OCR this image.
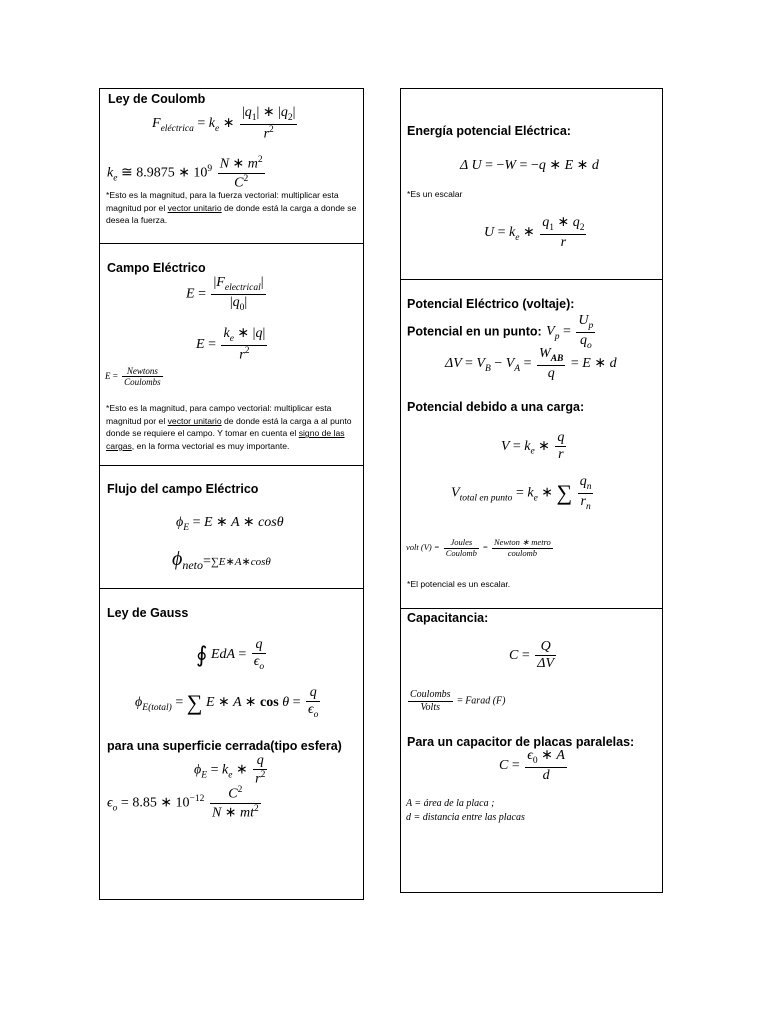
Ley de Coulomb
$F_{eléctrica} = k_e$ ∗ $\frac{|q_1| ∗ |q_2|}{r^2}$
$k_e$ ≅ 8.9875 ∗ $10^9 \frac{N ∗ m^2}{C^2}$
*Esto es la magnitud, para la fuerza vectorial: multiplicar esta magnitud por el vector unitario de donde está la carga a donde se desea la fuerza.
Campo Eléctrico
$E = \frac{|F_{electrical}|}{|q_0|}$
$E = \frac{k_e ∗ |q|}{r^2}$
$E = \frac{\text{Newtons}}{\text{Coulombs}}$
*Esto es la magnitud, para campo vectorial: multiplicar esta magnitud por el vector unitario de donde está la carga a al punto donde se requiere el campo. Y tomar en cuenta el signo de las cargas, en la forma vectorial es muy importante.
Flujo del campo Eléctrico
$\phi_E = E$ ∗ A ∗ cosθ
$\phi_{neto}=\sum E∗A∗\cos\theta$
Ley de Gauss
∮ EdA = $\frac{q}{\epsilon_o}$
$\phi_{E(total)}$ = ∑ E ∗ A ∗ $\cos \theta = \frac{q}{\epsilon_o}$
para una superficie cerrada(tipo esfera)
$\phi_E = k_e$ ∗ $\frac{q}{r^2}$
$\epsilon_o = 8.85$ ∗ $10^{-12} \frac{C^2}{N ∗ mt^2}$
Energía potencial Eléctrica:
Δ U = −W = −q ∗ E ∗ d
*Es un escalar
$U = k_e$ ∗ $\frac{q_1 ∗ q_2}{r}$
Potencial Eléctrico (voltaje):
Potencial en un punto: $V_p = \frac{U_p}{q_o}$
$\Delta V = V_B - V_A = \frac{W_{AB}}{q} = E$ ∗ d
Potencial debido a una carga:
$V = k_e$ ∗ $\frac{q}{r}$
$V_{total en punto} = k_e$ ∗ ∑ $\frac{q_n}{r_n}$
volt $(V) = \frac{\text{Joules}}{\text{Coulomb}} = \frac{\text{Newton ∗ metro}}{\text{coulomb}}$
*El potencial es un escalar.
Capacitancia:
$C = \frac{Q}{\Delta V}$
$\frac{\text{Coulombs}}{\text{Volts}}$ = Farad (F)
Para un capacitor de placas paralelas:
$C = \frac{\epsilon_0 ∗ A}{d}$
A = área de la placa ;
d = distancia entre las placas
